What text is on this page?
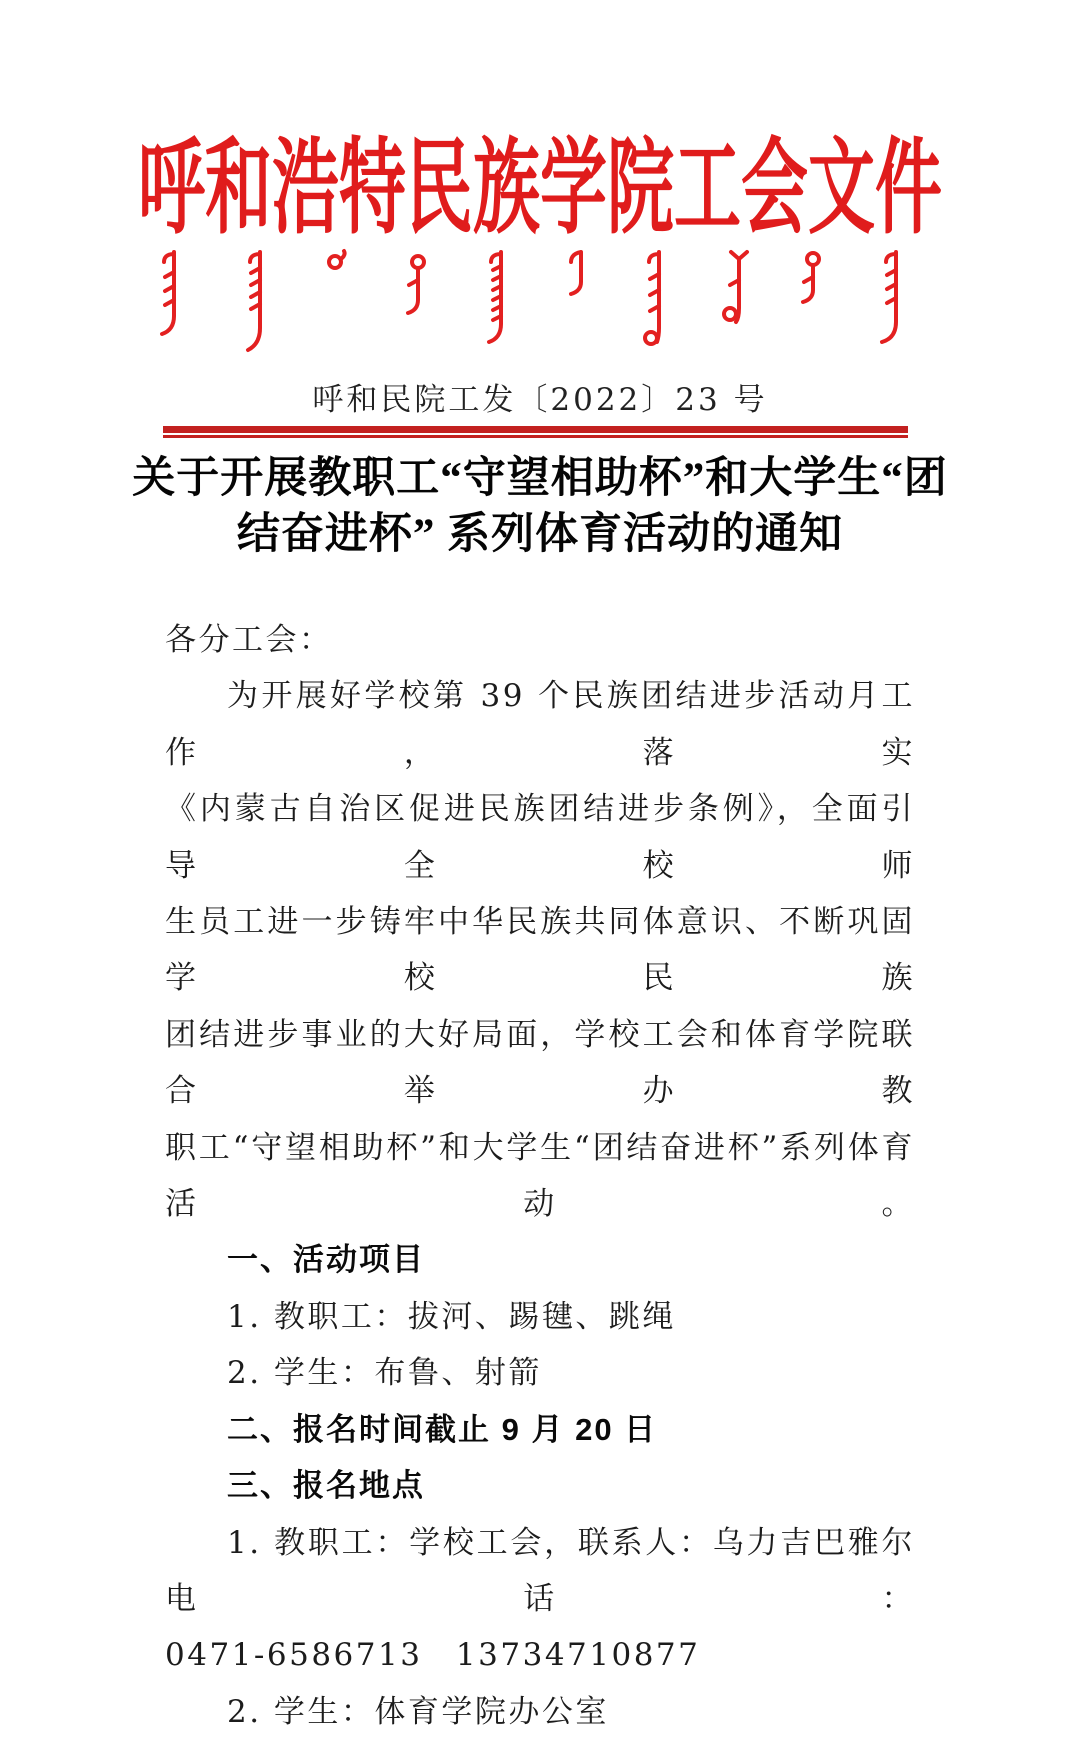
呼和浩特民族学院工会文件
呼和民院工发〔2022〕23 号
关于开展教职工“守望相助杯”和大学生“团
结奋进杯” 系列体育活动的通知
各分工会：
为开展好学校第 39 个民族团结进步活动月工作，落实
《内蒙古自治区促进民族团结进步条例》，全面引导全校师
生员工进一步铸牢中华民族共同体意识、不断巩固学校民族
团结进步事业的大好局面，学校工会和体育学院联合举办教
职工“守望相助杯”和大学生“团结奋进杯”系列体育活动。
一、活动项目
1. 教职工：拔河、踢毽、跳绳
2. 学生：布鲁、射箭
二、报名时间截止 9 月 20 日
三、报名地点
1. 教职工：学校工会，联系人：乌力吉巴雅尔　电话：
0471-6586713　13734710877
2. 学生：体育学院办公室
